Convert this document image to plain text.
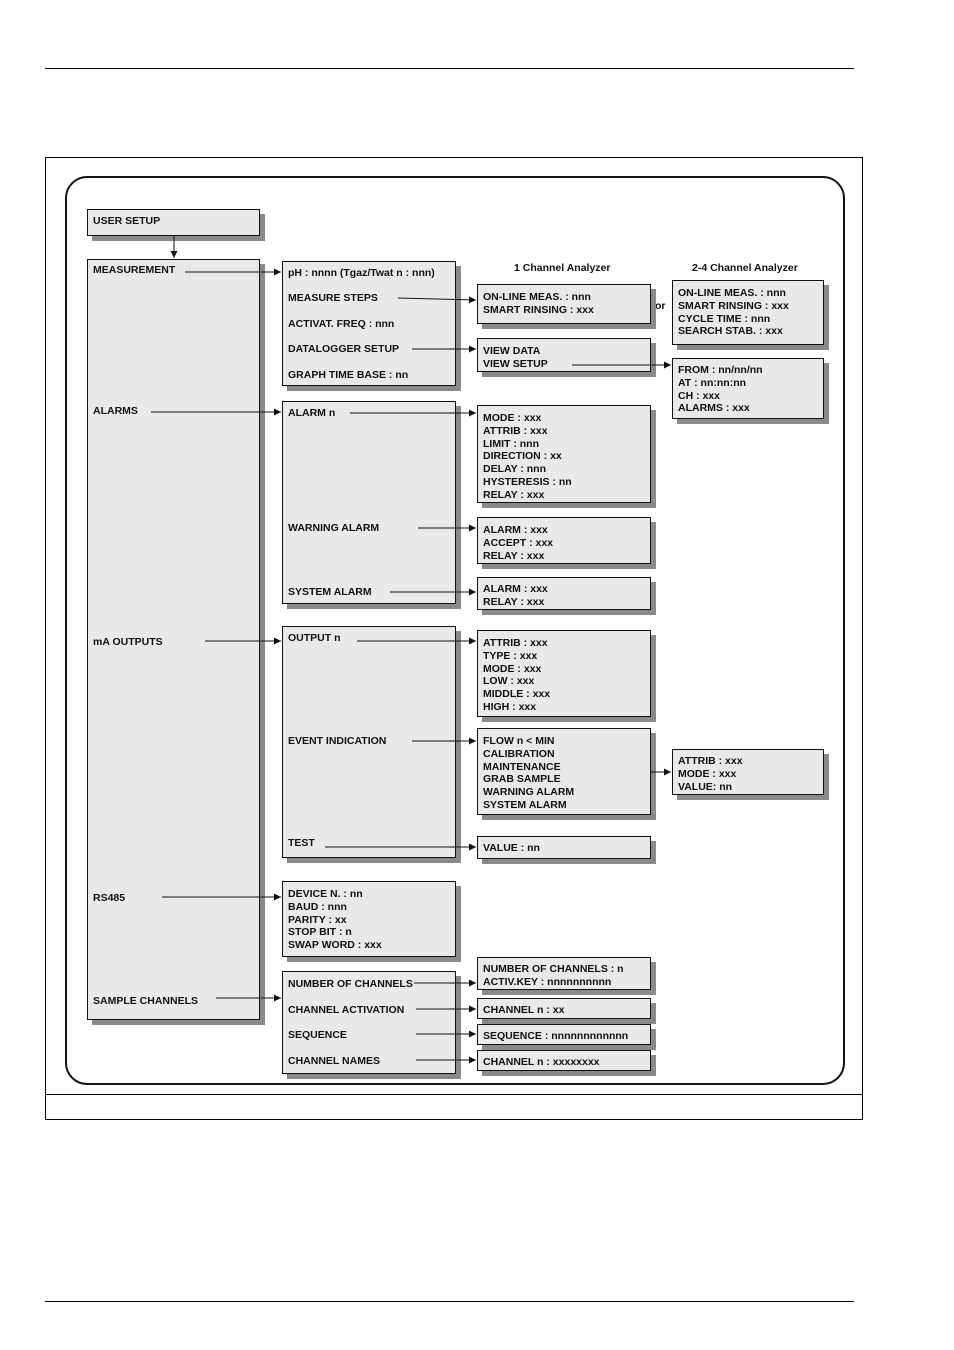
1 Channel Analyzer	2-4 Channel Analyzer
or
USER SETUP
MEASUREMENT
ALARMS
mA OUTPUTS
RS485
SAMPLE CHANNELS
pH : nnnn (Tgaz/Twat n : nnn)
MEASURE STEPS
ACTIVAT. FREQ : nnn
DATALOGGER SETUP
GRAPH TIME BASE : nn
ON-LINE MEAS. : nnn
SMART RINSING : xxx
ON-LINE MEAS. : nnn
SMART RINSING : xxx
CYCLE TIME : nnn
SEARCH STAB. : xxx
VIEW DATA
VIEW SETUP	FROM : nn/nn/nn
AT : nn:nn:nn
CH : xxx
ALARMS : xxx
ALARM n
WARNING ALARM
SYSTEM ALARM
MODE : xxx
ATTRIB : xxx
LIMIT : nnn
DIRECTION : xx
DELAY : nnn
HYSTERESIS : nn
RELAY : xxx
ALARM : xxx
ACCEPT : xxx
RELAY : xxx
ALARM : xxx
RELAY : xxx
OUTPUT n
EVENT INDICATION
TEST
ATTRIB : xxx
TYPE : xxx
MODE : xxx
LOW : xxx
MIDDLE : xxx
HIGH : xxx
FLOW n < MIN
CALIBRATION
MAINTENANCE
GRAB SAMPLE
WARNING ALARM
SYSTEM ALARM
ATTRIB : xxx
MODE : xxx
VALUE: nn
VALUE : nn
DEVICE N. : nn
BAUD : nnn
PARITY : xx
STOP BIT : n
SWAP WORD : xxx
NUMBER OF CHANNELS
CHANNEL ACTIVATION
SEQUENCE
CHANNEL NAMES
NUMBER OF CHANNELS : n
ACTIV.KEY : nnnnnnnnnn
CHANNEL n : xx
SEQUENCE : nnnnnnnnnnnn
CHANNEL n : xxxxxxxx
